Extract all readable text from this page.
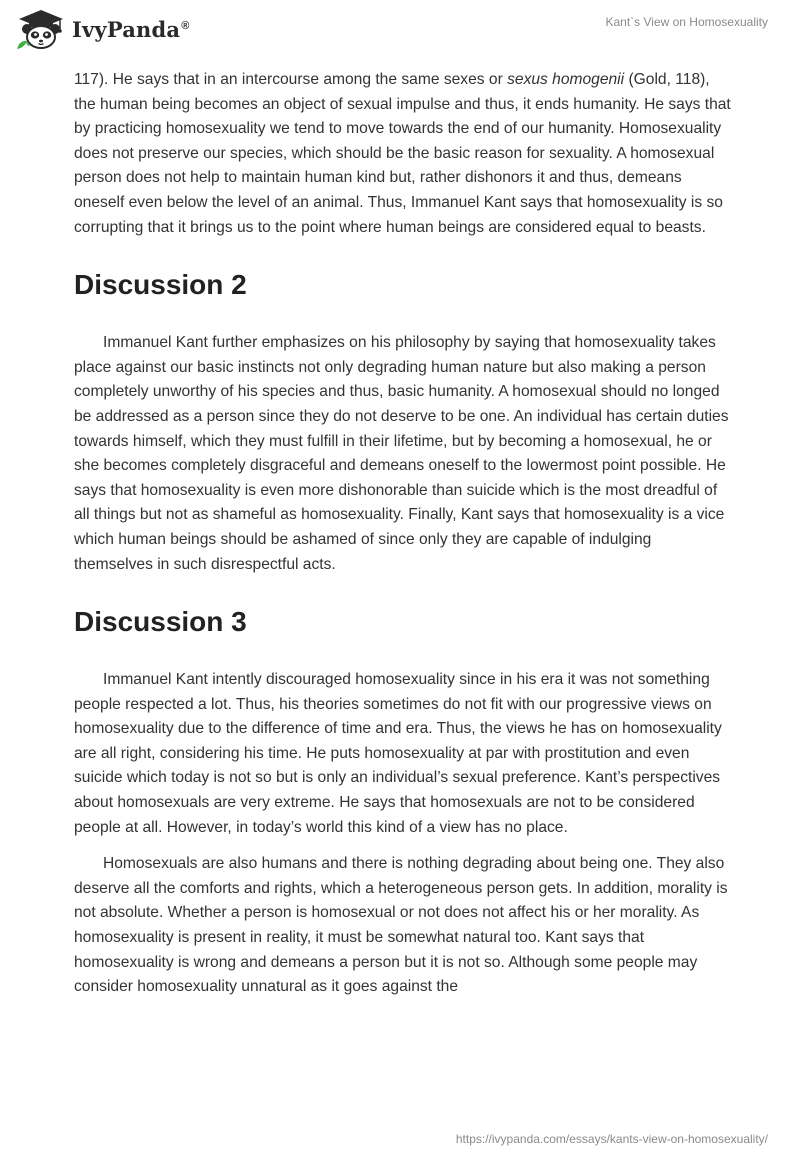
IvyPanda®	Kant`s View on Homosexuality

117). He says that in an intercourse among the same sexes or sexus homogenii (Gold, 118), the human being becomes an object of sexual impulse and thus, it ends humanity. He says that by practicing homosexuality we tend to move towards the end of our humanity. Homosexuality does not preserve our species, which should be the basic reason for sexuality. A homosexual person does not help to maintain human kind but, rather dishonors it and thus, demeans oneself even below the level of an animal. Thus, Immanuel Kant says that homosexuality is so corrupting that it brings us to the point where human beings are considered equal to beasts.

Discussion 2

Immanuel Kant further emphasizes on his philosophy by saying that homosexuality takes place against our basic instincts not only degrading human nature but also making a person completely unworthy of his species and thus, basic humanity. A homosexual should no longed be addressed as a person since they do not deserve to be one. An individual has certain duties towards himself, which they must fulfill in their lifetime, but by becoming a homosexual, he or she becomes completely disgraceful and demeans oneself to the lowermost point possible. He says that homosexuality is even more dishonorable than suicide which is the most dreadful of all things but not as shameful as homosexuality. Finally, Kant says that homosexuality is a vice which human beings should be ashamed of since only they are capable of indulging themselves in such disrespectful acts.

Discussion 3

Immanuel Kant intently discouraged homosexuality since in his era it was not something people respected a lot. Thus, his theories sometimes do not fit with our progressive views on homosexuality due to the difference of time and era. Thus, the views he has on homosexuality are all right, considering his time. He puts homosexuality at par with prostitution and even suicide which today is not so but is only an individual’s sexual preference. Kant’s perspectives about homosexuals are very extreme. He says that homosexuals are not to be considered people at all. However, in today’s world this kind of a view has no place.

Homosexuals are also humans and there is nothing degrading about being one. They also deserve all the comforts and rights, which a heterogeneous person gets. In addition, morality is not absolute. Whether a person is homosexual or not does not affect his or her morality. As homosexuality is present in reality, it must be somewhat natural too. Kant says that homosexuality is wrong and demeans a person but it is not so. Although some people may consider homosexuality unnatural as it goes against the

https://ivypanda.com/essays/kants-view-on-homosexuality/
